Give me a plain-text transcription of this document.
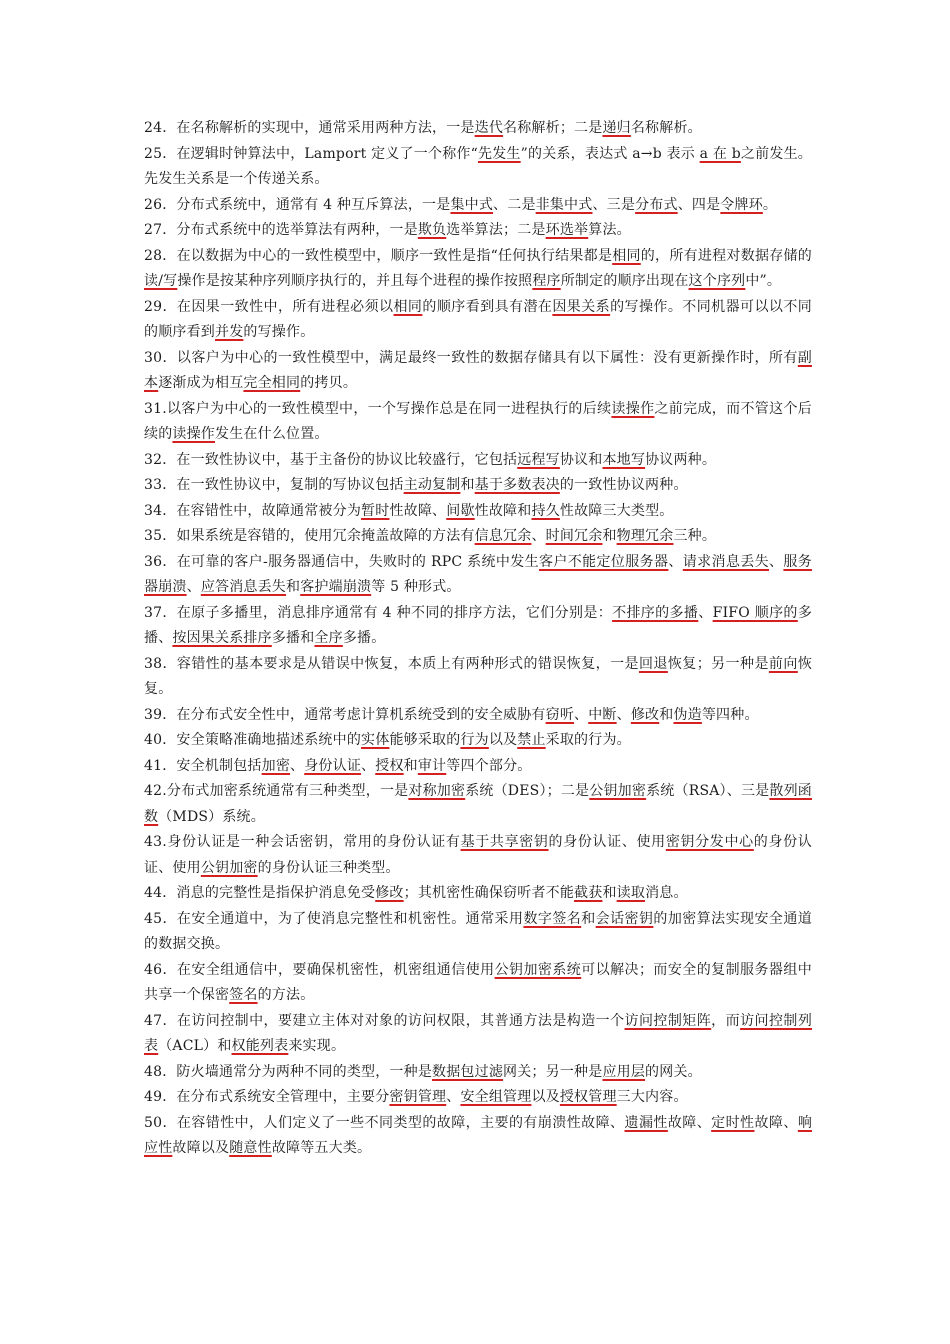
24．在名称解析的实现中，通常采用两种方法，一是迭代名称解析；二是递归名称解析。

25．在逻辑时钟算法中，Lamport 定义了一个称作“先发生”的关系，表达式 a→b 表示 a 在 b之前发生。先发生关系是一个传递关系。

26．分布式系统中，通常有 4 种互斥算法，一是集中式、二是非集中式、三是分布式、四是令牌环。

27．分布式系统中的选举算法有两种，一是欺负选举算法；二是环选举算法。

28．在以数据为中心的一致性模型中，顺序一致性是指“任何执行结果都是相同的，所有进程对数据存储的读/写操作是按某种序列顺序执行的，并且每个进程的操作按照程序所制定的顺序出现在这个序列中”。

29．在因果一致性中，所有进程必须以相同的顺序看到具有潜在因果关系的写操作。不同机器可以以不同的顺序看到并发的写操作。

30．以客户为中心的一致性模型中，满足最终一致性的数据存储具有以下属性：没有更新操作时，所有副本逐渐成为相互完全相同的拷贝。

31.以客户为中心的一致性模型中，一个写操作总是在同一进程执行的后续读操作之前完成，而不管这个后续的读操作发生在什么位置。

32．在一致性协议中，基于主备份的协议比较盛行，它包括远程写协议和本地写协议两种。

33．在一致性协议中，复制的写协议包括主动复制和基于多数表决的一致性协议两种。

34．在容错性中，故障通常被分为暂时性故障、间歇性故障和持久性故障三大类型。

35．如果系统是容错的，使用冗余掩盖故障的方法有信息冗余、时间冗余和物理冗余三种。

36．在可靠的客户-服务器通信中，失败时的 RPC 系统中发生客户不能定位服务器、请求消息丢失、服务器崩溃、应答消息丢失和客护端崩溃等 5 种形式。

37．在原子多播里，消息排序通常有 4 种不同的排序方法，它们分别是：不排序的多播、FIFO 顺序的多播、按因果关系排序多播和全序多播。

38．容错性的基本要求是从错误中恢复，本质上有两种形式的错误恢复，一是回退恢复；另一种是前向恢复。

39．在分布式安全性中，通常考虑计算机系统受到的安全威胁有窃听、中断、修改和伪造等四种。

40．安全策略准确地描述系统中的实体能够采取的行为以及禁止采取的行为。

41．安全机制包括加密、身份认证、授权和审计等四个部分。

42.分布式加密系统通常有三种类型，一是对称加密系统（DES）；二是公钥加密系统（RSA）、三是散列函数（MDS）系统。

43.身份认证是一种会话密钥，常用的身份认证有基于共享密钥的身份认证、使用密钥分发中心的身份认证、使用公钥加密的身份认证三种类型。

44．消息的完整性是指保护消息免受修改；其机密性确保窃听者不能截获和读取消息。

45．在安全通道中，为了使消息完整性和机密性。通常采用数字签名和会话密钥的加密算法实现安全通道的数据交换。

46．在安全组通信中，要确保机密性，机密组通信使用公钥加密系统可以解决；而安全的复制服务器组中共享一个保密签名的方法。

47．在访问控制中，要建立主体对对象的访问权限，其普通方法是构造一个访问控制矩阵，而访问控制列表（ACL）和权能列表来实现。

48．防火墙通常分为两种不同的类型，一种是数据包过滤网关；另一种是应用层的网关。

49．在分布式系统安全管理中，主要分密钥管理、安全组管理以及授权管理三大内容。

50．在容错性中，人们定义了一些不同类型的故障，主要的有崩溃性故障、遗漏性故障、定时性故障、响应性故障以及随意性故障等五大类。
